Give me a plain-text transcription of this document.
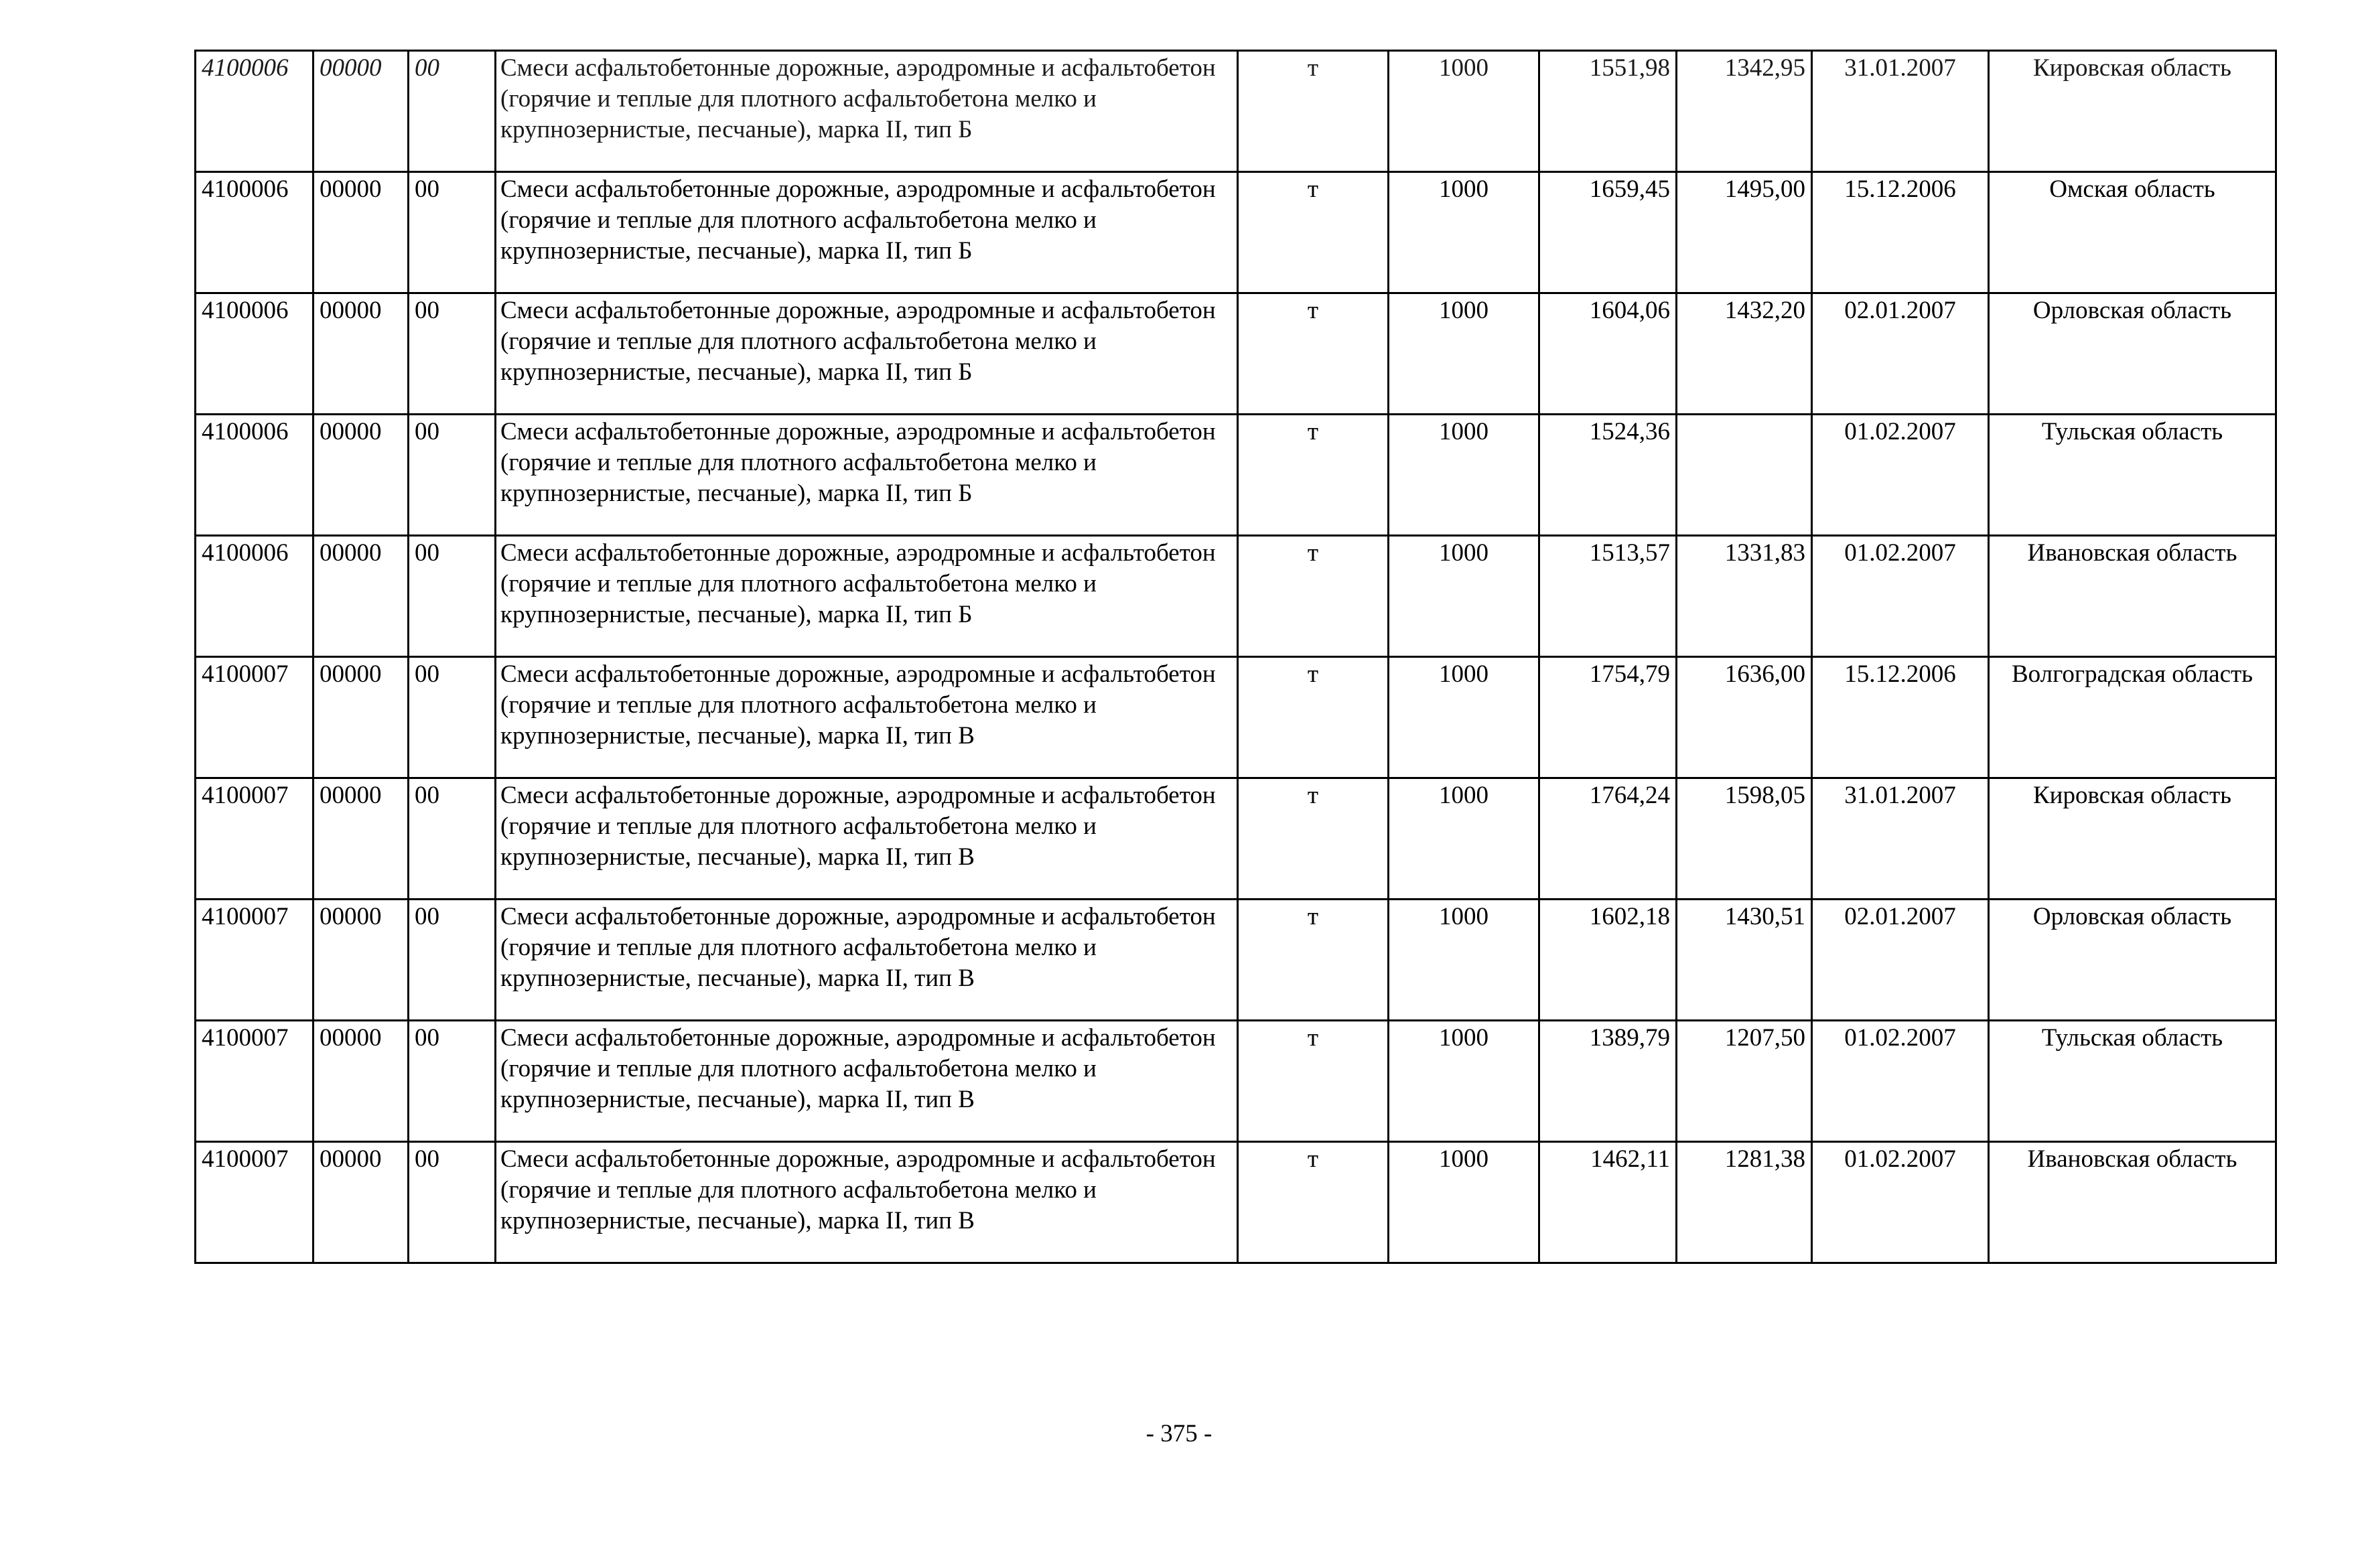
4100006	00000	00	Смеси асфальтобетонные дорожные, аэродромные и асфальтобетон (горячие и теплые для плотного асфальтобетона мелко и крупнозернистые, песчаные), марка II, тип Б	т	1000	1551,98	1342,95	31.01.2007	Кировская область
4100006	00000	00	Смеси асфальтобетонные дорожные, аэродромные и асфальтобетон (горячие и теплые для плотного асфальтобетона мелко и крупнозернистые, песчаные), марка II, тип Б	т	1000	1659,45	1495,00	15.12.2006	Омская область
4100006	00000	00	Смеси асфальтобетонные дорожные, аэродромные и асфальтобетон (горячие и теплые для плотного асфальтобетона мелко и крупнозернистые, песчаные), марка II, тип Б	т	1000	1604,06	1432,20	02.01.2007	Орловская область
4100006	00000	00	Смеси асфальтобетонные дорожные, аэродромные и асфальтобетон (горячие и теплые для плотного асфальтобетона мелко и крупнозернистые, песчаные), марка II, тип Б	т	1000	1524,36		01.02.2007	Тульская область
4100006	00000	00	Смеси асфальтобетонные дорожные, аэродромные и асфальтобетон (горячие и теплые для плотного асфальтобетона мелко и крупнозернистые, песчаные), марка II, тип Б	т	1000	1513,57	1331,83	01.02.2007	Ивановская область
4100007	00000	00	Смеси асфальтобетонные дорожные, аэродромные и асфальтобетон (горячие и теплые для плотного асфальтобетона мелко и крупнозернистые, песчаные), марка II, тип В	т	1000	1754,79	1636,00	15.12.2006	Волгоградская область
4100007	00000	00	Смеси асфальтобетонные дорожные, аэродромные и асфальтобетон (горячие и теплые для плотного асфальтобетона мелко и крупнозернистые, песчаные), марка II, тип В	т	1000	1764,24	1598,05	31.01.2007	Кировская область
4100007	00000	00	Смеси асфальтобетонные дорожные, аэродромные и асфальтобетон (горячие и теплые для плотного асфальтобетона мелко и крупнозернистые, песчаные), марка II, тип В	т	1000	1602,18	1430,51	02.01.2007	Орловская область
4100007	00000	00	Смеси асфальтобетонные дорожные, аэродромные и асфальтобетон (горячие и теплые для плотного асфальтобетона мелко и крупнозернистые, песчаные), марка II, тип В	т	1000	1389,79	1207,50	01.02.2007	Тульская область
4100007	00000	00	Смеси асфальтобетонные дорожные, аэродромные и асфальтобетон (горячие и теплые для плотного асфальтобетона мелко и крупнозернистые, песчаные), марка II, тип В	т	1000	1462,11	1281,38	01.02.2007	Ивановская область
- 375 -
